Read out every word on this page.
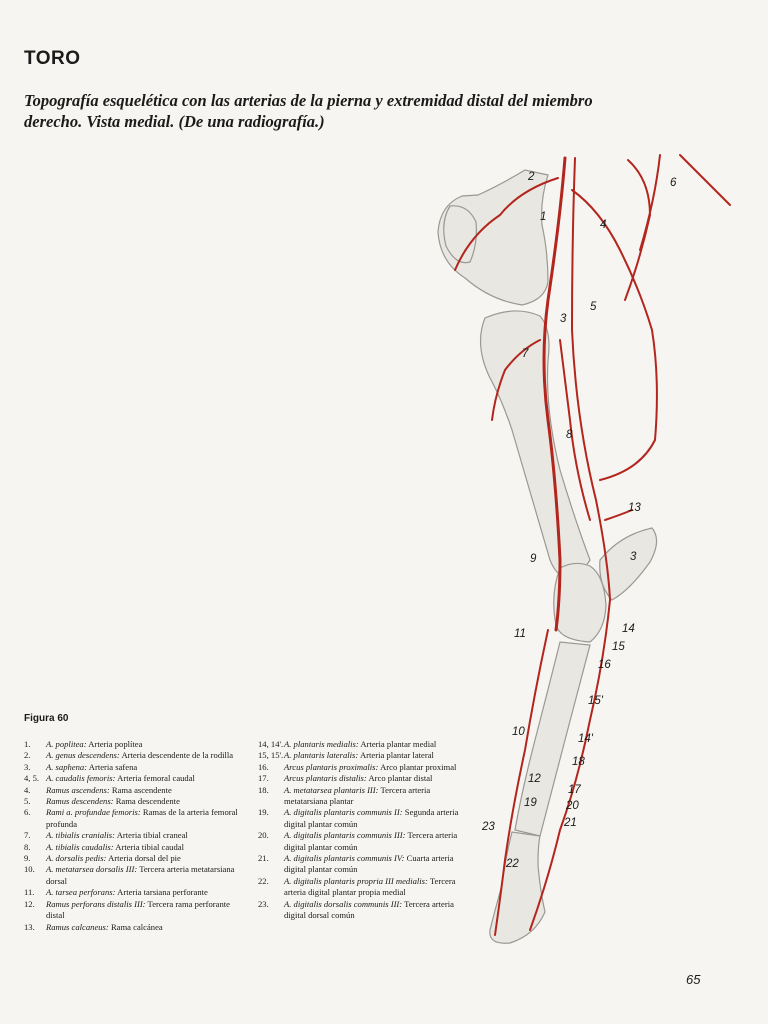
TORO

Topografía esquelética con las arterias de la pierna y extremidad distal del miembro derecho. Vista medial. (De una radiografía.)

2
1
4
6
5
3
7
8
13
3
9
11	14
15
16
15'
10
14'
18
12
17
19	20
23	21
22
Figura 60
1.	A. poplitea: Arteria poplítea
2.	A. genus descendens: Arteria descendente de la rodilla
3.	A. saphena: Arteria safena
4, 5. A. caudalis femoris: Arteria femoral caudal
4.	Ramus ascendens: Rama ascendente
5.	Ramus descendens: Rama descendente
6.	Rami a. profundae femoris: Ramas de la arteria femoral profunda
7.	A. tibialis cranialis: Arteria tibial craneal
8.	A. tibialis caudalis: Arteria tibial caudal
9.	A. dorsalis pedis: Arteria dorsal del pie
10.	A. metatarsea dorsalis III: Tercera arteria metatarsiana dorsal
11.	A. tarsea perforans: Arteria tarsiana perforante
12.	Ramus perforans distalis III: Tercera rama perforante distal
13.	Ramus calcaneus: Rama calcánea
14, 14'. A. plantaris medialis: Arteria plantar medial
15, 15'. A. plantaris lateralis: Arteria plantar lateral
16.	Arcus plantaris proximalis: Arco plantar proximal
17.	Arcus plantaris distalis: Arco plantar distal
18.	A. metatarsea plantaris III: Tercera arteria metatarsiana plantar
19.	A. digitalis plantaris communis II: Segunda arteria digital plantar común
20.	A. digitalis plantaris communis III: Tercera arteria digital plantar común
21.	A. digitalis plantaris communis IV: Cuarta arteria digital plantar común
22.	A. digitalis plantaris propria III medialis: Tercera arteria digital plantar propia medial
23.	A. digitalis dorsalis communis III: Tercera arteria digital dorsal común
65
